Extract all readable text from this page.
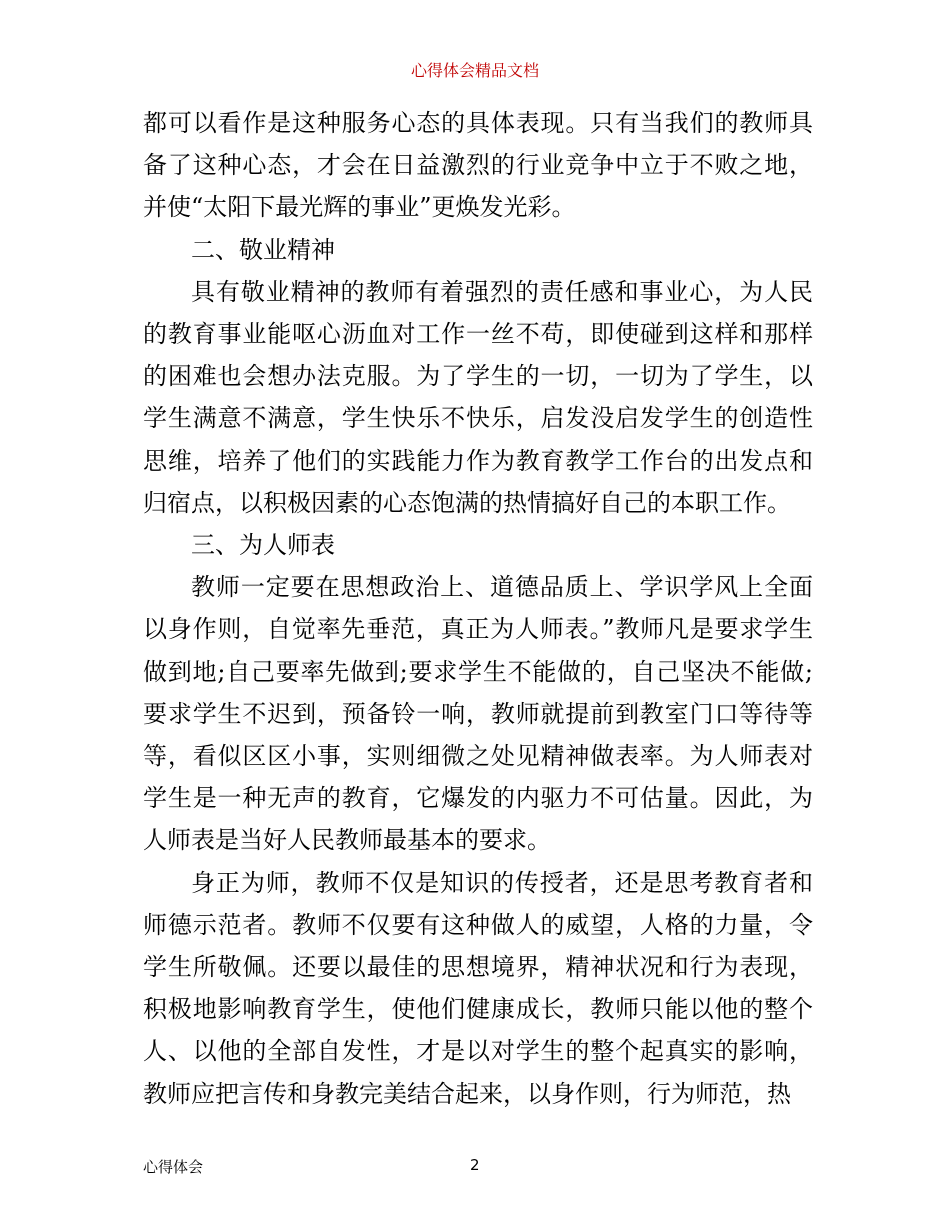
心得体会精品文档

都可以看作是这种服务心态的具体表现。只有当我们的教师具备了这种心态，才会在日益激烈的行业竞争中立于不败之地，并使“太阳下最光辉的事业”更焕发光彩。

二、敬业精神

具有敬业精神的教师有着强烈的责任感和事业心，为人民的教育事业能呕心沥血对工作一丝不苟，即使碰到这样和那样的困难也会想办法克服。为了学生的一切，一切为了学生，以学生满意不满意，学生快乐不快乐，启发没启发学生的创造性思维，培养了他们的实践能力作为教育教学工作台的出发点和归宿点，以积极因素的心态饱满的热情搞好自己的本职工作。

三、为人师表

教师一定要在思想政治上、道德品质上、学识学风上全面以身作则，自觉率先垂范，真正为人师表。”教师凡是要求学生做到地;自己要率先做到;要求学生不能做的，自己坚决不能做;要求学生不迟到，预备铃一响，教师就提前到教室门口等待等等，看似区区小事，实则细微之处见精神做表率。为人师表对学生是一种无声的教育，它爆发的内驱力不可估量。因此，为人师表是当好人民教师最基本的要求。

身正为师，教师不仅是知识的传授者，还是思考教育者和师德示范者。教师不仅要有这种做人的威望，人格的力量，令学生所敬佩。还要以最佳的思想境界，精神状况和行为表现，积极地影响教育学生，使他们健康成长，教师只能以他的整个人、以他的全部自发性，才是以对学生的整个起真实的影响，教师应把言传和身教完美结合起来，以身作则，行为师范，热

心得体会	2
